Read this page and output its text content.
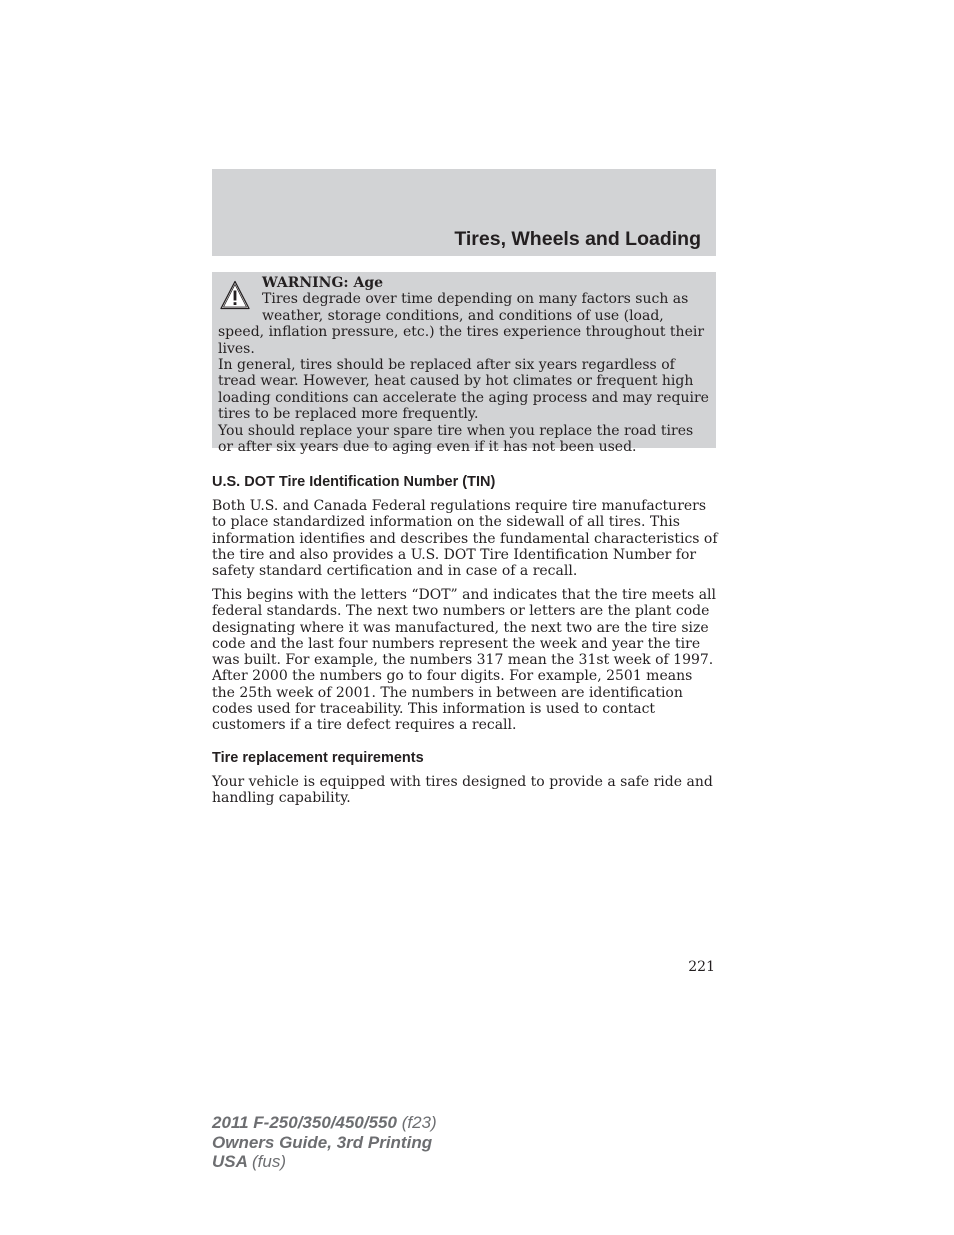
Tires, Wheels and Loading
WARNING: Age

Tires degrade over time depending on many factors such as weather, storage conditions, and conditions of use (load, speed, inflation pressure, etc.) the tires experience throughout their lives.

In general, tires should be replaced after six years regardless of tread wear. However, heat caused by hot climates or frequent high loading conditions can accelerate the aging process and may require tires to be replaced more frequently.

You should replace your spare tire when you replace the road tires or after six years due to aging even if it has not been used.

U.S. DOT Tire Identification Number (TIN)

Both U.S. and Canada Federal regulations require tire manufacturers to place standardized information on the sidewall of all tires. This information identifies and describes the fundamental characteristics of the tire and also provides a U.S. DOT Tire Identification Number for safety standard certification and in case of a recall.

This begins with the letters “DOT” and indicates that the tire meets all federal standards. The next two numbers or letters are the plant code designating where it was manufactured, the next two are the tire size code and the last four numbers represent the week and year the tire was built. For example, the numbers 317 mean the 31st week of 1997. After 2000 the numbers go to four digits. For example, 2501 means the 25th week of 2001. The numbers in between are identification codes used for traceability. This information is used to contact customers if a tire defect requires a recall.

Tire replacement requirements

Your vehicle is equipped with tires designed to provide a safe ride and handling capability.

221
2011 F-250/350/450/550 (f23)
Owners Guide, 3rd Printing
USA (fus)
